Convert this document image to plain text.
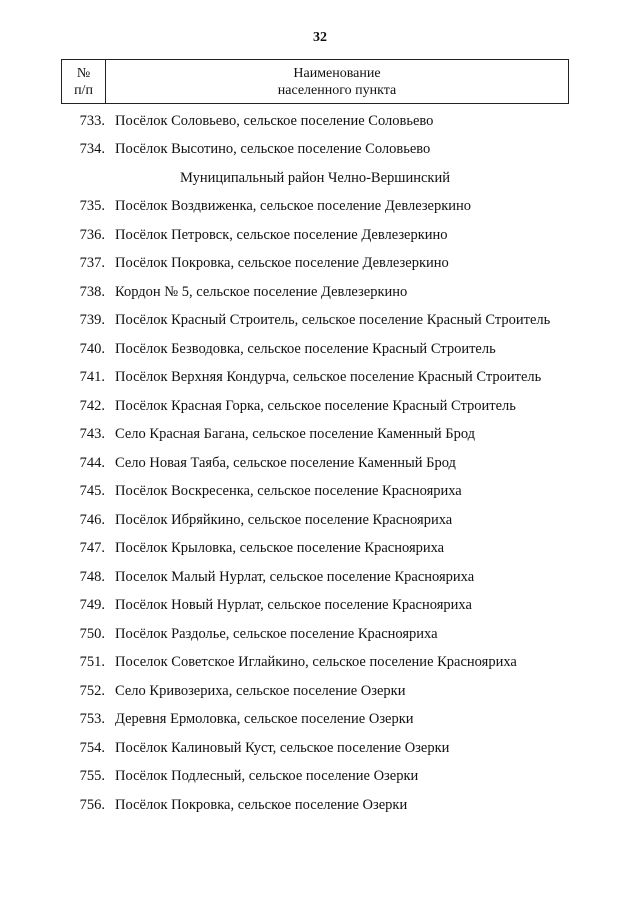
32
№
п/п
Наименование
населенного пункта
733. Посёлок Соловьево, сельское поселение Соловьево
734. Посёлок Высотино, сельское поселение Соловьево
Муниципальный район Челно-Вершинский
735. Посёлок Воздвиженка, сельское поселение Девлезеркино
736. Посёлок Петровск, сельское поселение Девлезеркино
737. Посёлок Покровка, сельское поселение Девлезеркино
738. Кордон № 5, сельское поселение Девлезеркино
739. Посёлок Красный Строитель, сельское поселение Красный Строитель
740. Посёлок Безводовка, сельское поселение Красный Строитель
741. Посёлок Верхняя Кондурча, сельское поселение Красный Строитель
742. Посёлок Красная Горка, сельское поселение Красный Строитель
743. Село Красная Багана, сельское поселение Каменный Брод
744. Село Новая Таяба, сельское поселение Каменный Брод
745. Посёлок Воскресенка, сельское поселение Краснояриха
746. Посёлок Ибряйкино, сельское поселение Краснояриха
747. Посёлок Крыловка, сельское поселение Краснояриха
748. Поселок Малый Нурлат, сельское поселение Краснояриха
749. Посёлок Новый Нурлат, сельское поселение Краснояриха
750. Посёлок Раздолье, сельское поселение Краснояриха
751. Поселок Советское Иглайкино, сельское поселение Краснояриха
752. Село Кривозериха, сельское поселение Озерки
753. Деревня Ермоловка, сельское поселение Озерки
754. Посёлок Калиновый Куст, сельское поселение Озерки
755. Посёлок Подлесный, сельское поселение Озерки
756. Посёлок Покровка, сельское поселение Озерки
